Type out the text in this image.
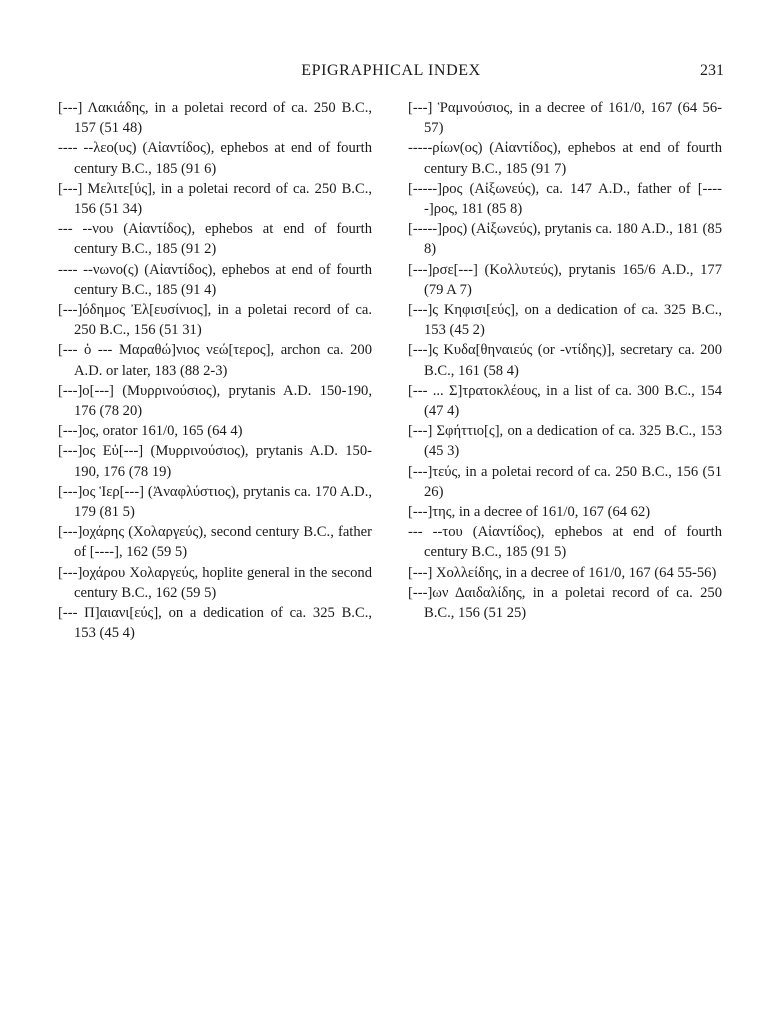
EPIGRAPHICAL INDEX	231

[---] Λακιάδης, in a poletai record of ca. 250 B.C., 157 (51 48)

---- --λεο(υς) (Αἰαντίδος), ephebos at end of fourth century B.C., 185 (91 6)

[---] Μελιτε[ύς], in a poletai record of ca. 250 B.C., 156 (51 34)

--- --νου (Αἰαντίδος), ephebos at end of fourth century B.C., 185 (91 2)

---- --νωνο(ς) (Αἰαντίδος), ephebos at end of fourth century B.C., 185 (91 4)

[---]όδημος Ἐλ[ευσίνιος], in a poletai record of ca. 250 B.C., 156 (51 31)

[--- ὁ --- Μαραθώ]νιος νεώ[τερος], archon ca. 200 A.D. or later, 183 (88 2-3)

[---]ο[---] (Μυρρινούσιος), prytanis A.D. 150-190, 176 (78 20)

[---]ος, orator 161/0, 165 (64 4)

[---]ος Εὐ[---] (Μυρρινούσιος), prytanis A.D. 150-190, 176 (78 19)

[---]ος Ἱερ[---] (Ἀναφλύστιος), prytanis ca. 170 A.D., 179 (81 5)

[---]οχάρης (Χολαργεύς), second century B.C., father of [----], 162 (59 5)

[---]οχάρου Χολαργεύς, hoplite general in the second century B.C., 162 (59 5)

[--- Π]αιανι[εύς], on a dedication of ca. 325 B.C., 153 (45 4)

[---] Ῥαμνούσιος, in a decree of 161/0, 167 (64 56-57)

-----ρίων(ος) (Αἰαντίδος), ephebos at end of fourth century B.C., 185 (91 7)

[-----]ρος (Αἰξωνεύς), ca. 147 A.D., father of [-----]ρος, 181 (85 8)

[-----]ρος) (Αἰξωνεύς), prytanis ca. 180 A.D., 181 (85 8)

[---]ρσε[---] (Κολλυτεύς), prytanis 165/6 A.D., 177 (79 A 7)

[---]ς Κηφισι[εύς], on a dedication of ca. 325 B.C., 153 (45 2)

[---]ς Κυδα[θηναιεύς (or -ντίδης)], secretary ca. 200 B.C., 161 (58 4)

[--- ... Σ]τρατοκλέους, in a list of ca. 300 B.C., 154 (47 4)

[---] Σφήττιο[ς], on a dedication of ca. 325 B.C., 153 (45 3)

[---]τεύς, in a poletai record of ca. 250 B.C., 156 (51 26)

[---]της, in a decree of 161/0, 167 (64 62)

--- --του (Αἰαντίδος), ephebos at end of fourth century B.C., 185 (91 5)

[---] Χολλείδης, in a decree of 161/0, 167 (64 55-56)

[---]ων Δαιδαλίδης, in a poletai record of ca. 250 B.C., 156 (51 25)
